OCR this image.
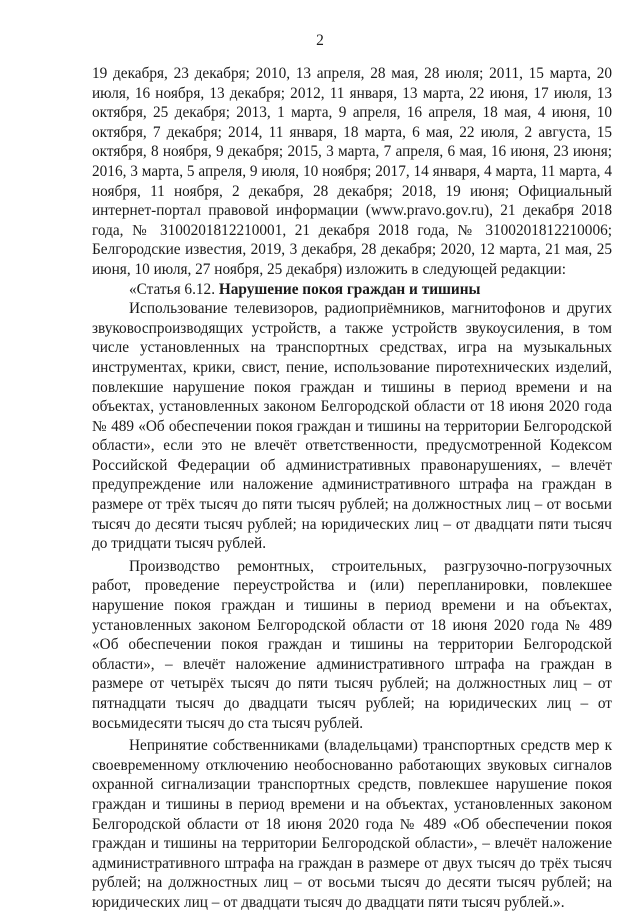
2

19 декабря, 23 декабря; 2010, 13 апреля, 28 мая, 28 июля; 2011, 15 марта, 20 июля, 16 ноября, 13 декабря; 2012, 11 января, 13 марта, 22 июня, 17 июля, 13 октября, 25 декабря; 2013, 1 марта, 9 апреля, 16 апреля, 18 мая, 4 июня, 10 октября, 7 декабря; 2014, 11 января, 18 марта, 6 мая, 22 июля, 2 августа, 15 октября, 8 ноября, 9 декабря; 2015, 3 марта, 7 апреля, 6 мая, 16 июня, 23 июня; 2016, 3 марта, 5 апреля, 9 июля, 10 ноября; 2017, 14 января, 4 марта, 11 марта, 4 ноября, 11 ноября, 2 декабря, 28 декабря; 2018, 19 июня; Официальный интернет-портал правовой информации (www.pravo.gov.ru), 21 декабря 2018 года, № 3100201812210001, 21 декабря 2018 года, № 3100201812210006; Белгородские известия, 2019, 3 декабря, 28 декабря; 2020, 12 марта, 21 мая, 25 июня, 10 июля, 27 ноября, 25 декабря) изложить в следующей редакции:

«Статья 6.12. Нарушение покоя граждан и тишины

Использование телевизоров, радиоприёмников, магнитофонов и других звуковоспроизводящих устройств, а также устройств звукоусиления, в том числе установленных на транспортных средствах, игра на музыкальных инструментах, крики, свист, пение, использование пиротехнических изделий, повлекшие нарушение покоя граждан и тишины в период времени и на объектах, установленных законом Белгородской области от 18 июня 2020 года № 489 «Об обеспечении покоя граждан и тишины на территории Белгородской области», если это не влечёт ответственности, предусмотренной Кодексом Российской Федерации об административных правонарушениях, – влечёт предупреждение или наложение административного штрафа на граждан в размере от трёх тысяч до пяти тысяч рублей; на должностных лиц – от восьми тысяч до десяти тысяч рублей; на юридических лиц – от двадцати пяти тысяч до тридцати тысяч рублей.

Производство ремонтных, строительных, разгрузочно-погрузочных работ, проведение переустройства и (или) перепланировки, повлекшее нарушение покоя граждан и тишины в период времени и на объектах, установленных законом Белгородской области от 18 июня 2020 года № 489 «Об обеспечении покоя граждан и тишины на территории Белгородской области», – влечёт наложение административного штрафа на граждан в размере от четырёх тысяч до пяти тысяч рублей; на должностных лиц – от пятнадцати тысяч до двадцати тысяч рублей; на юридических лиц – от восьмидесяти тысяч до ста тысяч рублей.

Непринятие собственниками (владельцами) транспортных средств мер к своевременному отключению необоснованно работающих звуковых сигналов охранной сигнализации транспортных средств, повлекшее нарушение покоя граждан и тишины в период времени и на объектах, установленных законом Белгородской области от 18 июня 2020 года № 489 «Об обеспечении покоя граждан и тишины на территории Белгородской области», – влечёт наложение административного штрафа на граждан в размере от двух тысяч до трёх тысяч рублей; на должностных лиц – от восьми тысяч до десяти тысяч рублей; на юридических лиц – от двадцати тысяч до двадцати пяти тысяч рублей.».
